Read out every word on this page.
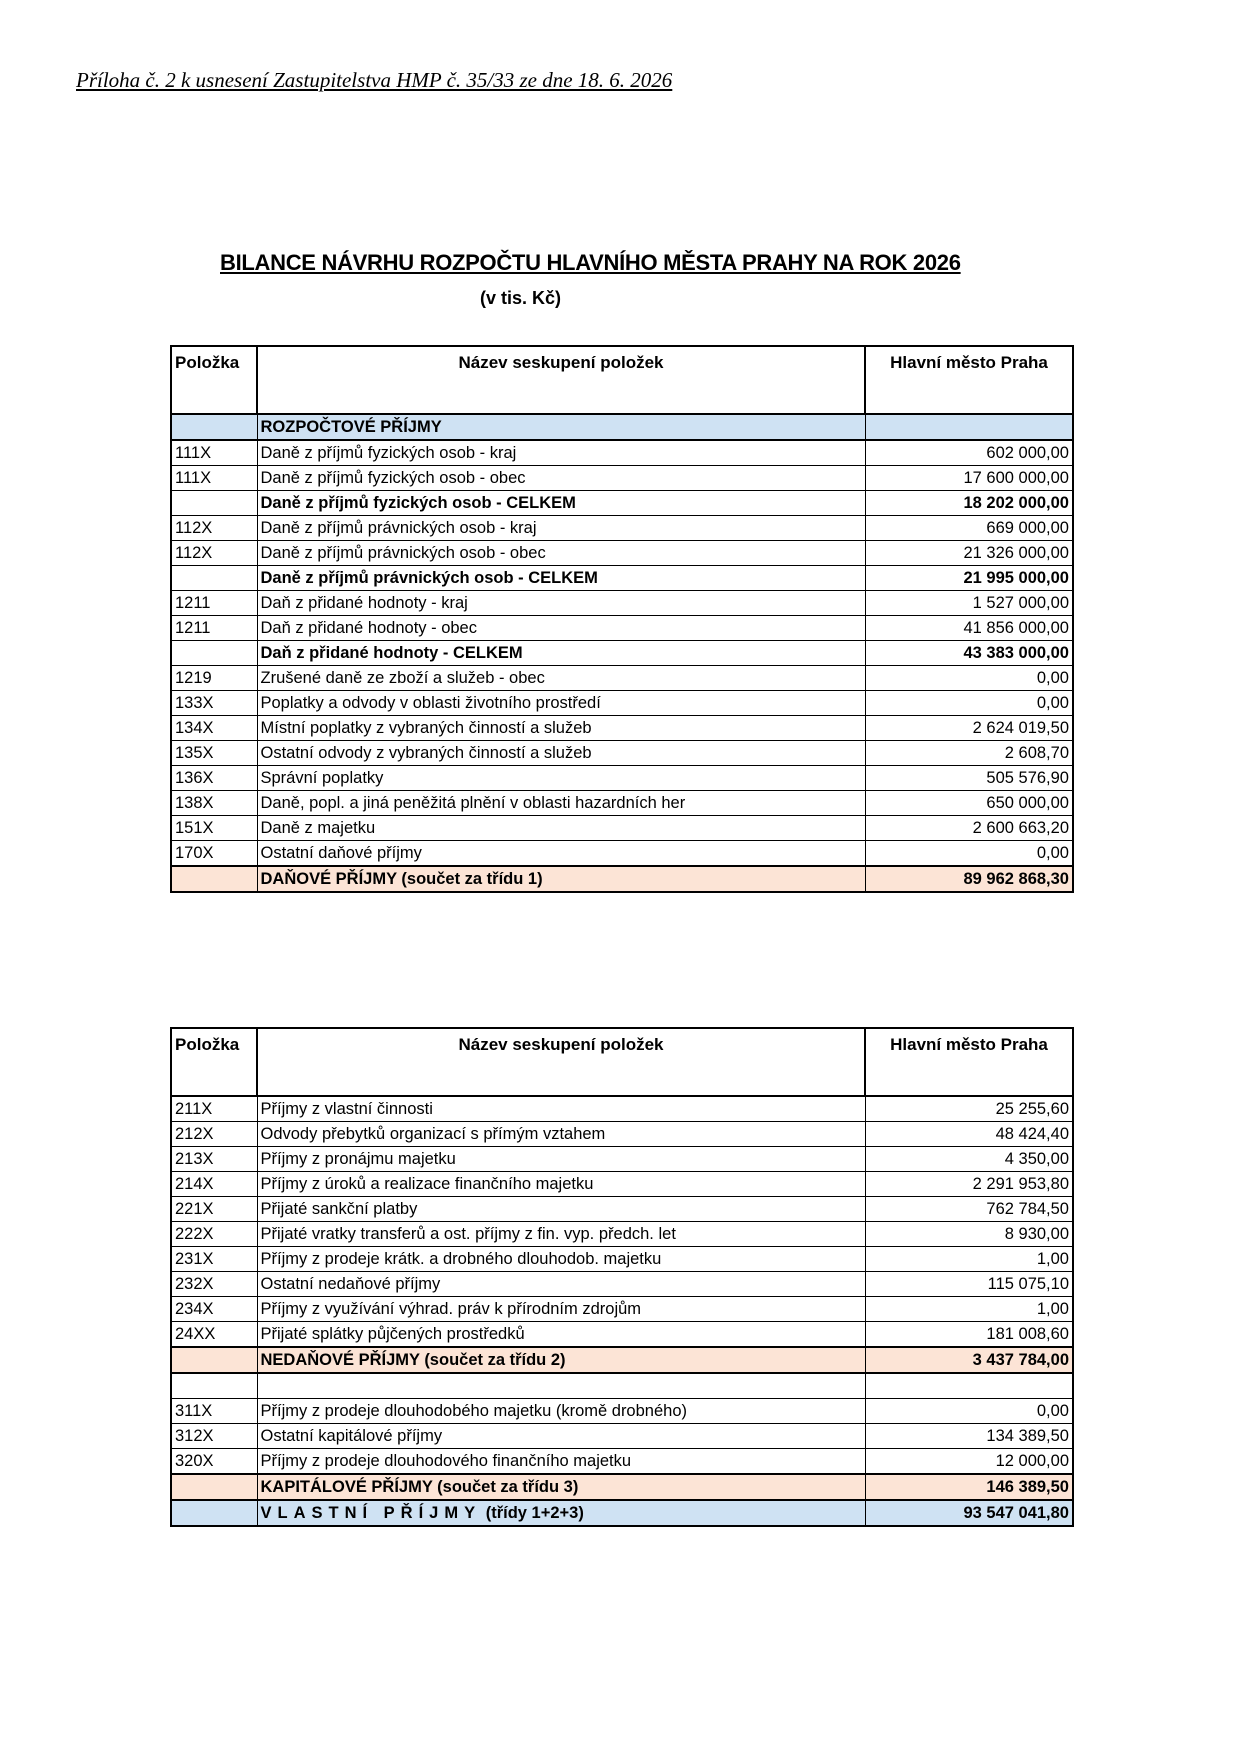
Příloha č. 2 k usnesení Zastupitelstva HMP č. 35/33 ze dne 18. 6. 2026
BILANCE NÁVRHU ROZPOČTU HLAVNÍHO MĚSTA PRAHY NA ROK 2026
(v tis. Kč)
Položka	Název seskupení položek	Hlavní město Praha
	ROZPOČTOVÉ PŘÍJMY	
111X	Daně z příjmů fyzických osob - kraj	602 000,00
111X	Daně z příjmů fyzických osob - obec	17 600 000,00
	Daně z příjmů fyzických osob - CELKEM	18 202 000,00
112X	Daně z příjmů právnických osob - kraj	669 000,00
112X	Daně z příjmů právnických osob - obec	21 326 000,00
	Daně z příjmů právnických osob - CELKEM	21 995 000,00
1211	Daň z přidané hodnoty - kraj	1 527 000,00
1211	Daň z přidané hodnoty - obec	41 856 000,00
	Daň z přidané hodnoty - CELKEM	43 383 000,00
1219	Zrušené daně ze zboží a služeb - obec	0,00
133X	Poplatky a odvody v oblasti životního prostředí	0,00
134X	Místní poplatky z vybraných činností a služeb	2 624 019,50
135X	Ostatní odvody z vybraných činností a služeb	2 608,70
136X	Správní poplatky	505 576,90
138X	Daně, popl. a jiná peněžitá plnění v oblasti hazardních her	650 000,00
151X	Daně z majetku	2 600 663,20
170X	Ostatní daňové příjmy	0,00
	DAŇOVÉ PŘÍJMY (součet za třídu 1)	89 962 868,30
Položka	Název seskupení položek	Hlavní město Praha
211X	Příjmy z vlastní činnosti	25 255,60
212X	Odvody přebytků organizací s přímým vztahem	48 424,40
213X	Příjmy z pronájmu majetku	4 350,00
214X	Příjmy z úroků a realizace finančního majetku	2 291 953,80
221X	Přijaté sankční platby	762 784,50
222X	Přijaté vratky transferů a ost. příjmy z fin. vyp. předch. let	8 930,00
231X	Příjmy z prodeje krátk. a drobného dlouhodob. majetku	1,00
232X	Ostatní nedaňové příjmy	115 075,10
234X	Příjmy z využívání výhrad. práv k přírodním zdrojům	1,00
24XX	Přijaté splátky půjčených prostředků	181 008,60
	NEDAŇOVÉ PŘÍJMY (součet za třídu 2)	3 437 784,00

311X	Příjmy z prodeje dlouhodobého majetku (kromě drobného)	0,00
312X	Ostatní kapitálové příjmy	134 389,50
320X	Příjmy z prodeje dlouhodového finančního majetku	12 000,00
	KAPITÁLOVÉ PŘÍJMY (součet za třídu 3)	146 389,50
	VLASTNÍ PŘÍJMY (třídy 1+2+3)	93 547 041,80
